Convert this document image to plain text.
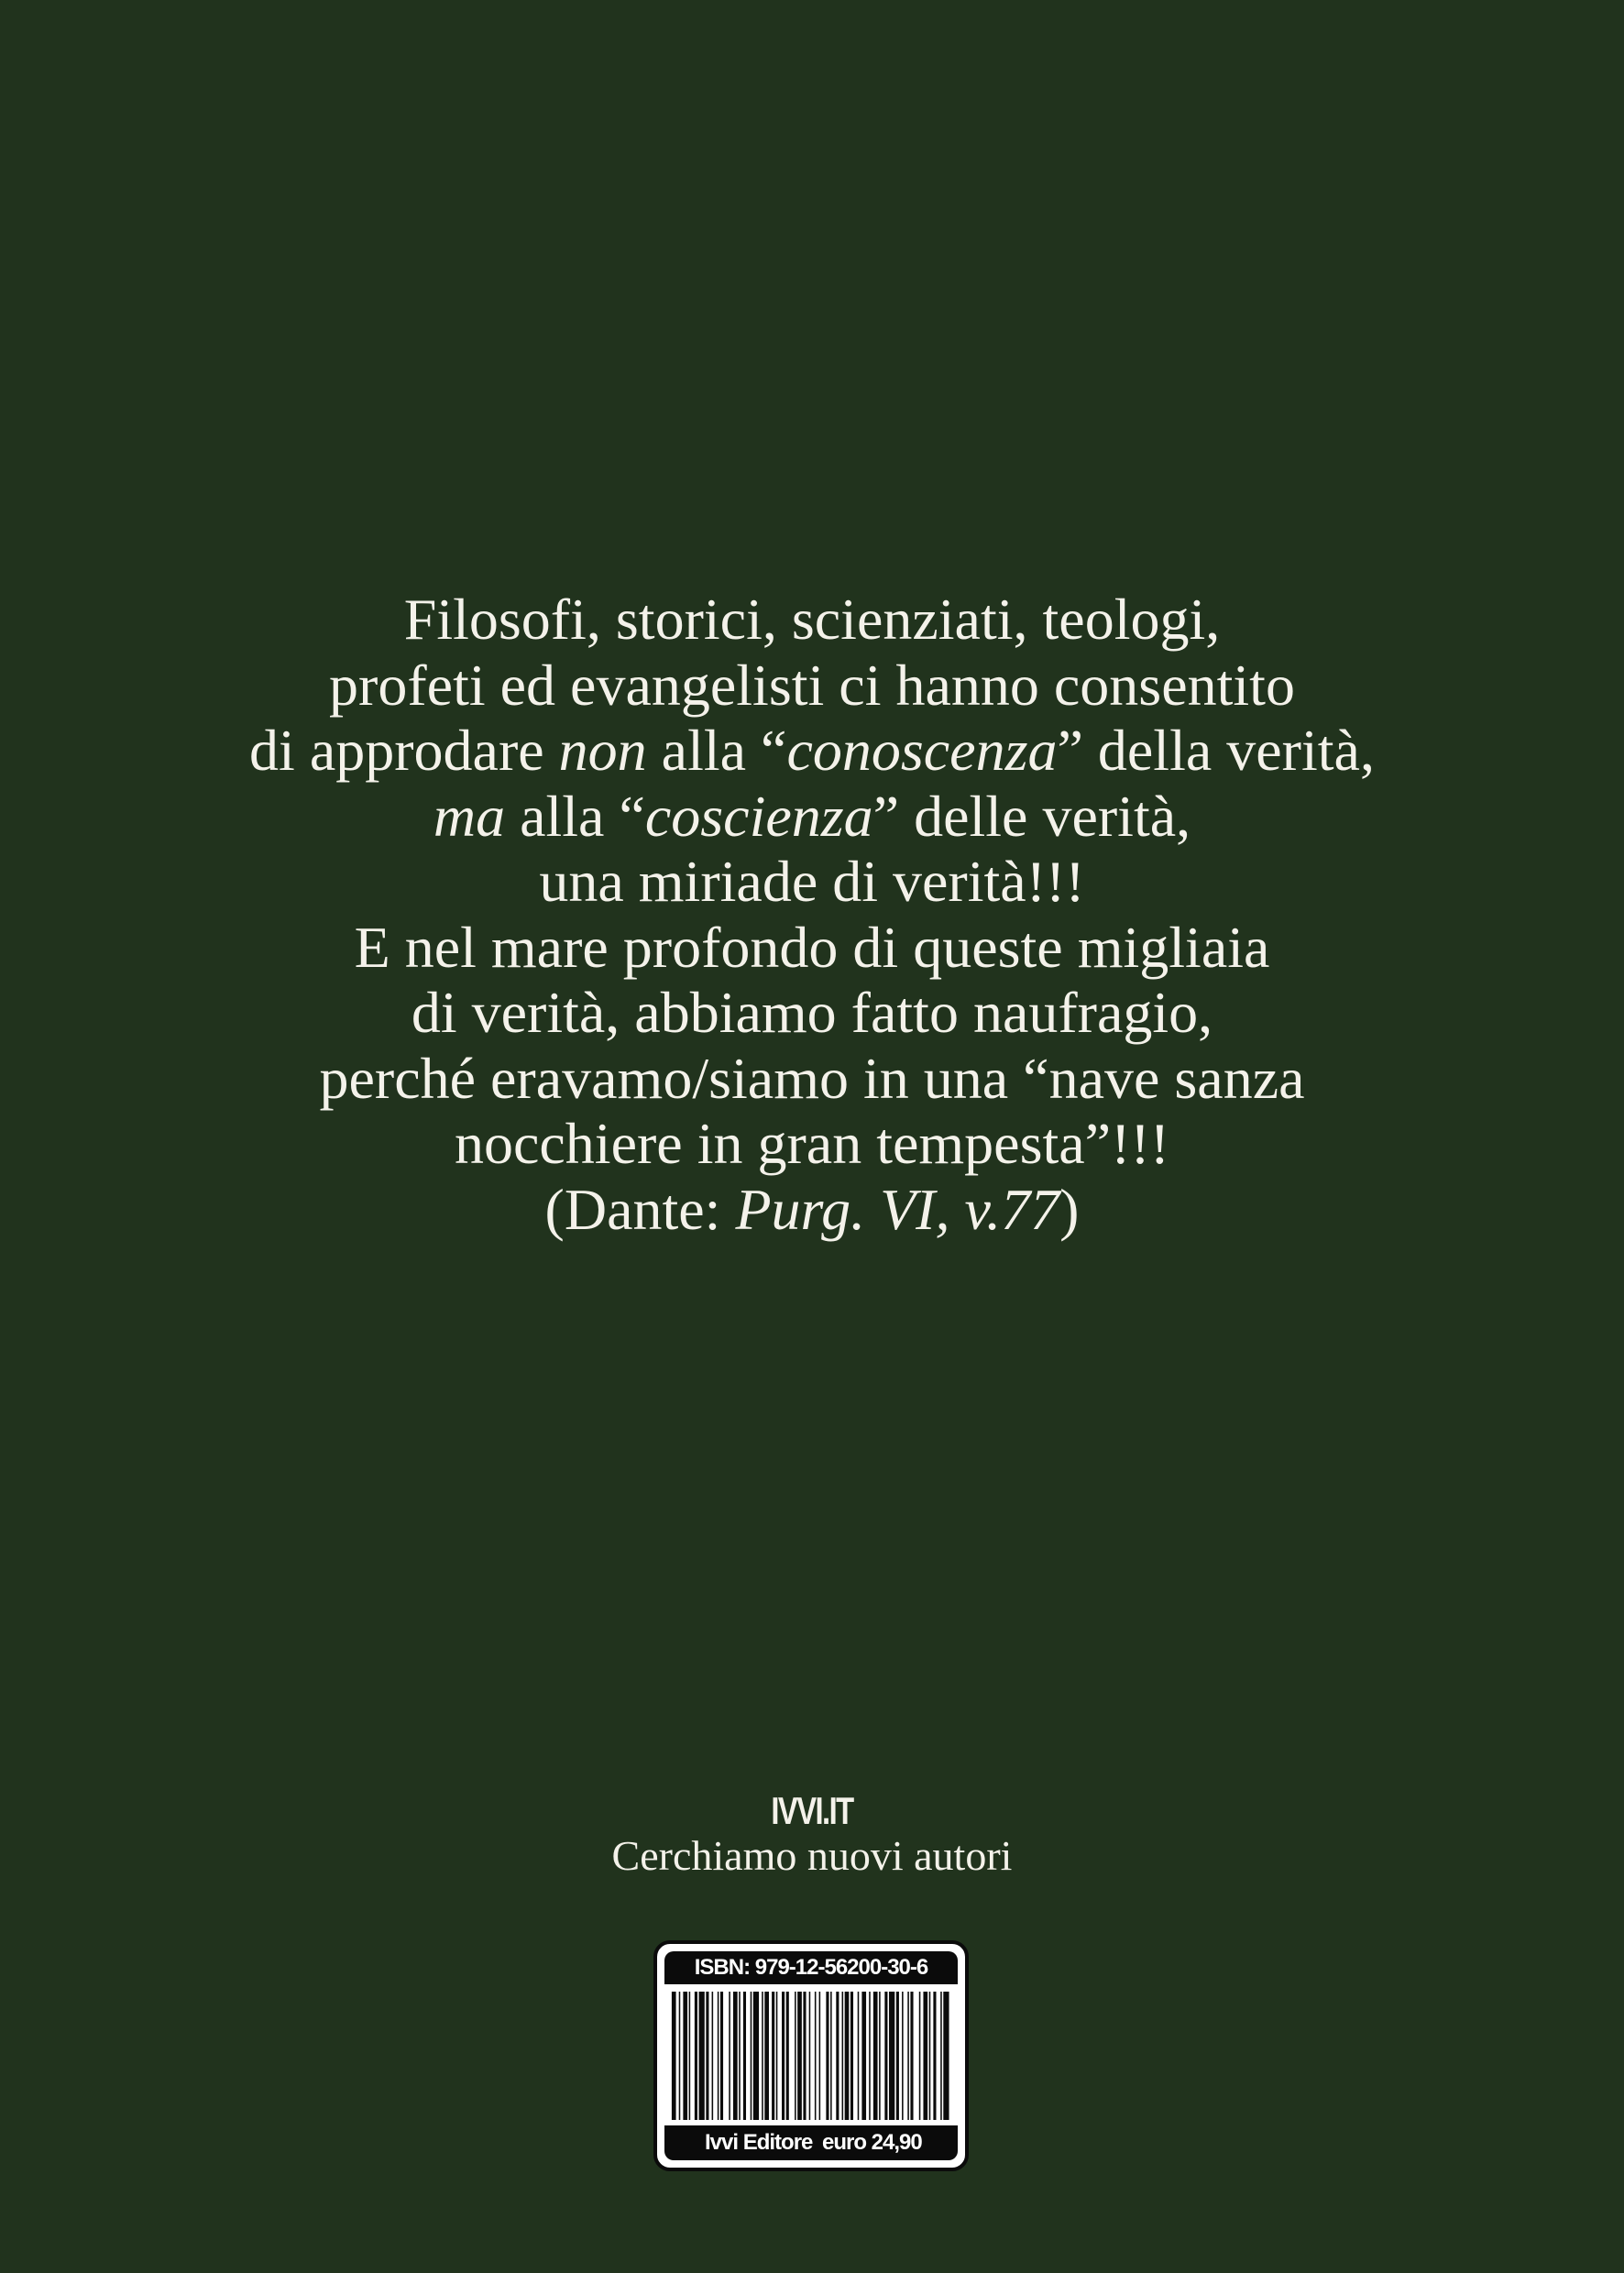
Filosofi, storici, scienziati, teologi,
profeti ed evangelisti ci hanno consentito
di approdare non alla “conoscenza” della verità,
ma alla “coscienza” delle verità,
una miriade di verità!!!
E nel mare profondo di queste migliaia
di verità, abbiamo fatto naufragio,
perché eravamo/siamo in una “nave sanza
nocchiere in gran tempesta”!!!
(Dante: Purg. VI, v.77)
IVVI.IT
Cerchiamo nuovi autori
ISBN: 979-12-56200-30-6
Ivvi Editore euro 24,90
